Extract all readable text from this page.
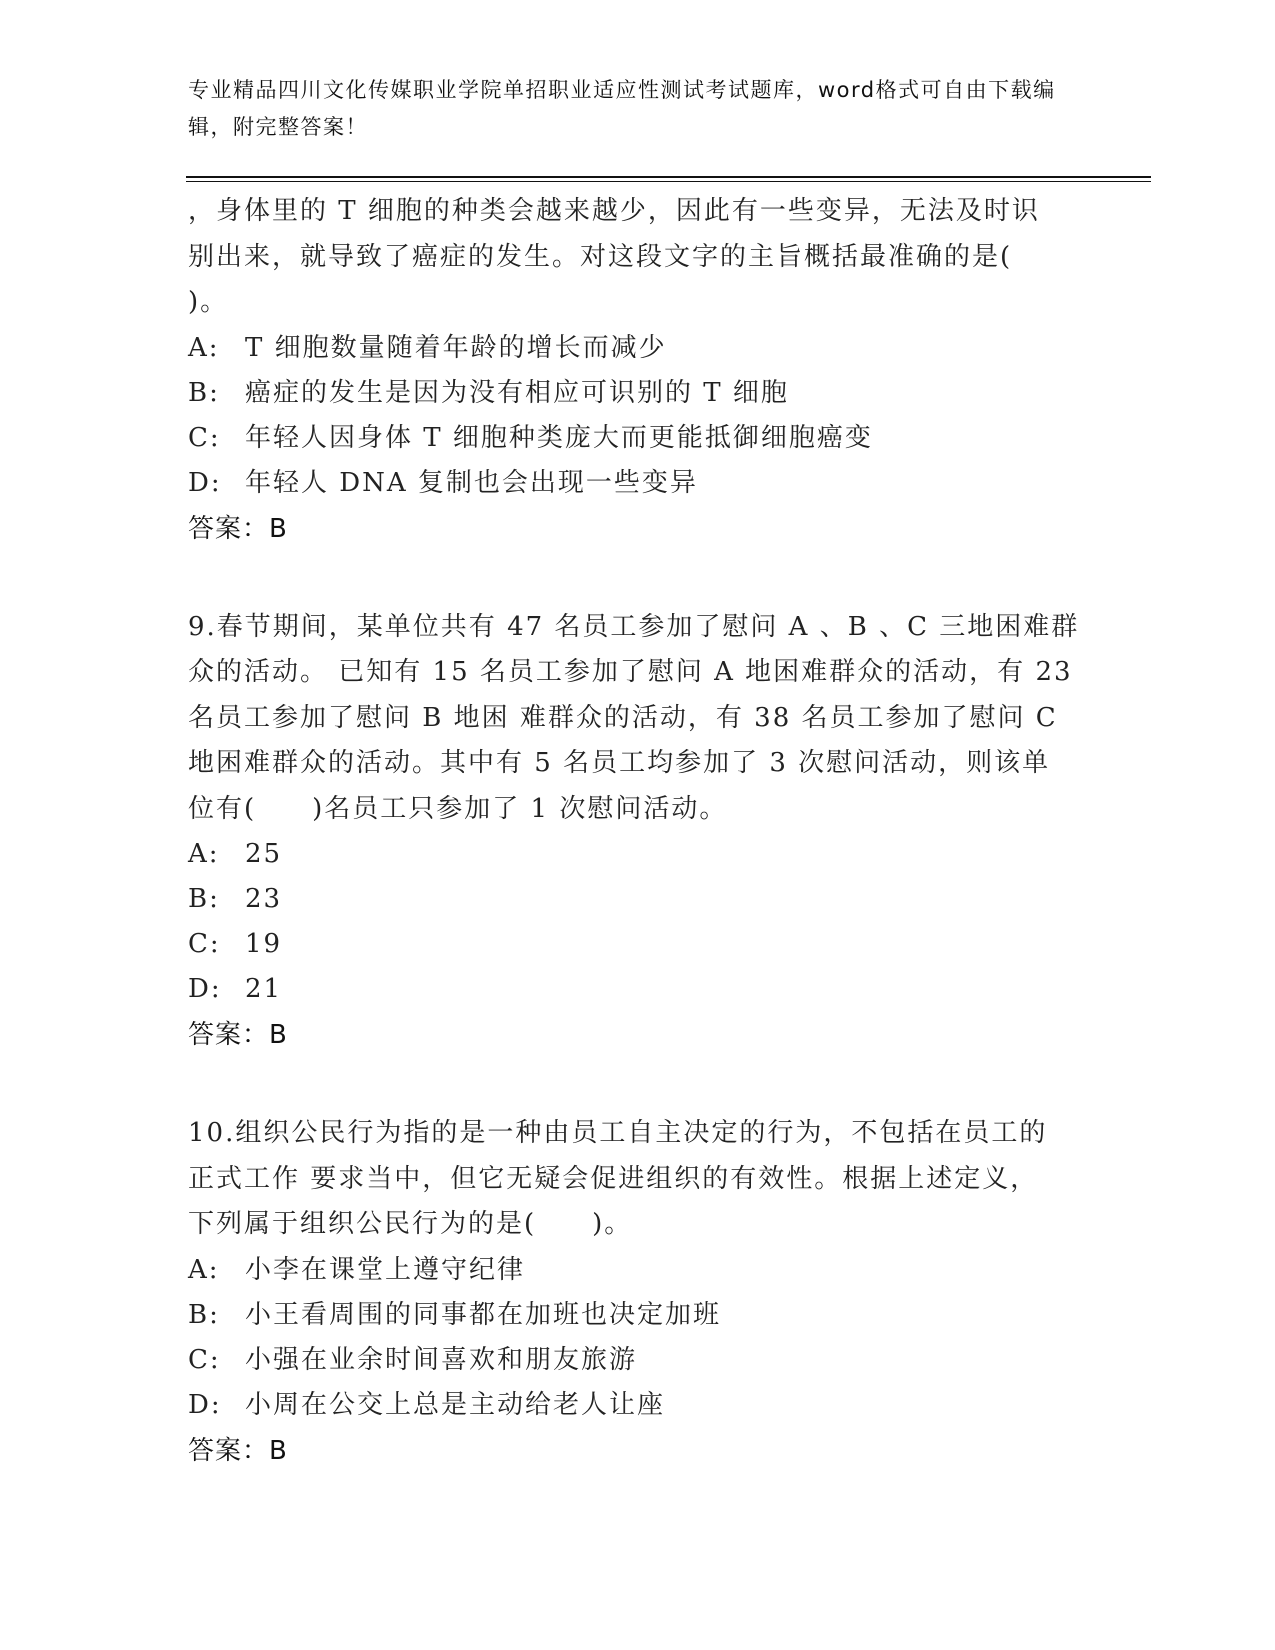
专业精品四川文化传媒职业学院单招职业适应性测试考试题库，word格式可自由下载编辑，附完整答案！
，身体里的 T 细胞的种类会越来越少，因此有一些变异，无法及时识
别出来，就导致了癌症的发生。对这段文字的主旨概括最准确的是(
)。
A: T 细胞数量随着年龄的增长而减少
B: 癌症的发生是因为没有相应可识别的 T 细胞
C: 年轻人因身体 T 细胞种类庞大而更能抵御细胞癌变
D: 年轻人 DNA 复制也会出现一些变异
答案：B
9.春节期间，某单位共有 47 名员工参加了慰问 A 、B 、C 三地困难群
众的活动。 已知有 15 名员工参加了慰问 A 地困难群众的活动，有 23
名员工参加了慰问 B 地困 难群众的活动，有 38 名员工参加了慰问 C
地困难群众的活动。其中有 5 名员工均参加了 3 次慰问活动，则该单
位有(　　)名员工只参加了 1 次慰问活动。
A: 25
B: 23
C: 19
D: 21
答案：B
10.组织公民行为指的是一种由员工自主决定的行为，不包括在员工的
正式工作 要求当中，但它无疑会促进组织的有效性。根据上述定义，
下列属于组织公民行为的是(　　)。
A: 小李在课堂上遵守纪律
B: 小王看周围的同事都在加班也决定加班
C: 小强在业余时间喜欢和朋友旅游
D: 小周在公交上总是主动给老人让座
答案：B
